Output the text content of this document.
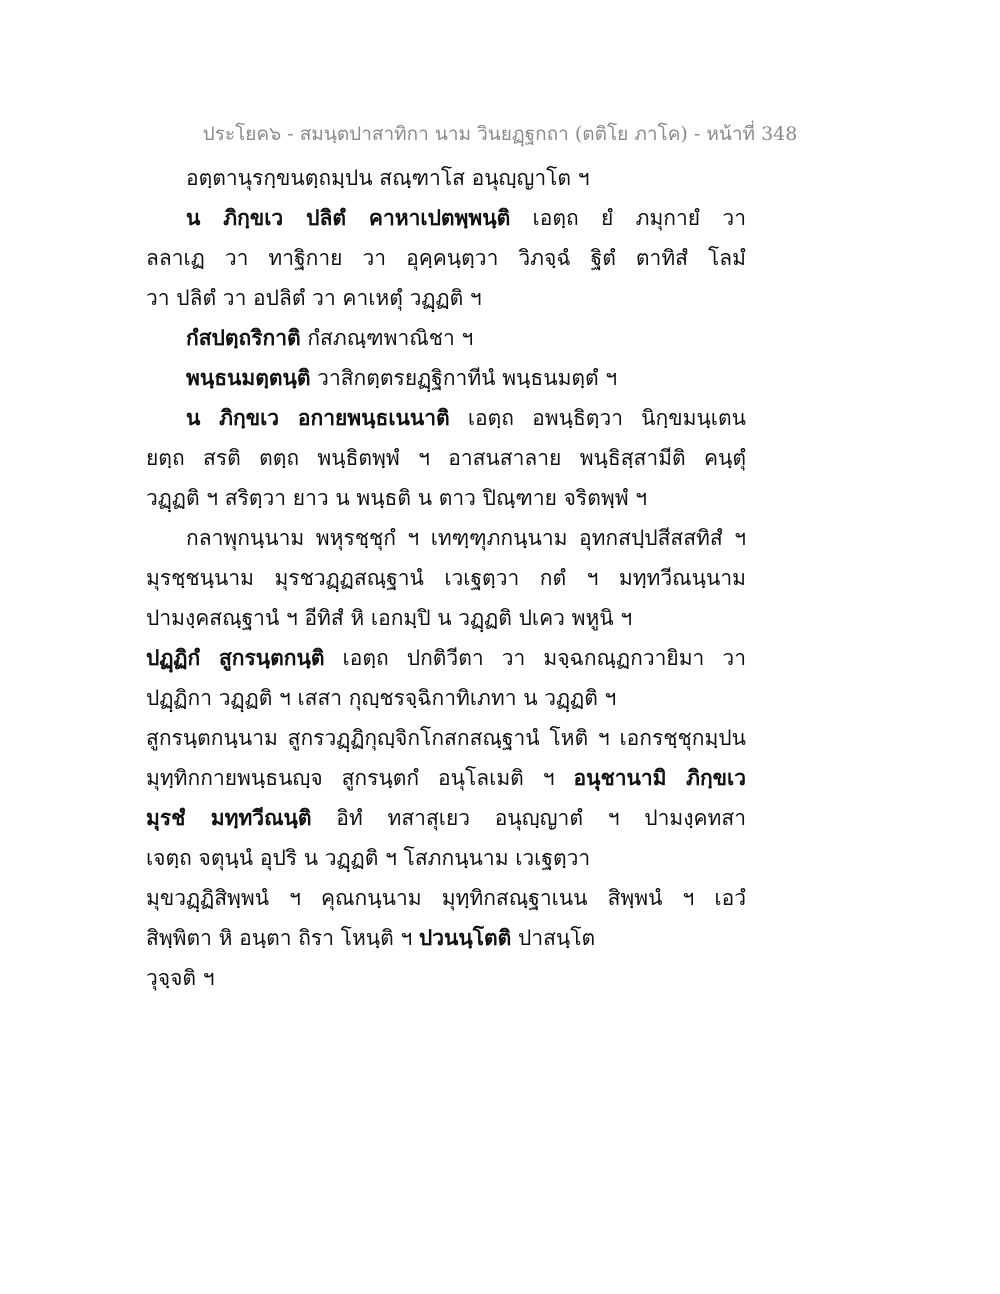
ประโยค๖ - สมนฺตปาสาทิกา นาม วินยฏฺฐกถา (ตติโย ภาโค) - หน้าที่ 348
อตฺตานุรกฺขนตฺถมฺปน สณฺฑาโส อนุญฺญาโต ฯ
น ภิกฺขเว ปลิตํ คาหาเปตพฺพนฺติ เอตฺถ ยํ ภมุกายํ วา
ลลาเฏ วา ทาฐิกาย วา อุคฺคนฺตฺวา วิภจฺฉํ ฐิตํ ตาทิสํ โลมํ
วา ปลิตํ วา อปลิตํ วา คาเหตุํ วฏฺฏติ ฯ
กํสปตฺถริกาติ กํสภณฺฑพาณิชา ฯ
พนฺธนมตฺตนฺติ วาสิกตฺตรยฏฺฐิกาทีนํ พนฺธนมตฺตํ ฯ
น ภิกฺขเว อกายพนฺธเนนาติ เอตฺถ อพนฺธิตฺวา นิกฺขมนฺเตน
ยตฺถ สรติ ตตฺถ พนฺธิตพฺพํ ฯ อาสนสาลาย พนฺธิสฺสามีติ คนฺตุํ
วฏฺฏติ ฯ สริตฺวา ยาว น พนฺธติ น ตาว ปิณฺฑาย จริตพฺพํ ฯ
กลาพุกนฺนาม พหุรชฺชุกํ ฯ เทฑฺฑุภกนฺนาม อุทกสปฺปสีสสทิสํ ฯ
มุรชฺชนฺนาม มุรชวฏฺฏสณฺฐานํ เวเฐตฺวา กตํ ฯ มทฺทวีณนฺนาม
ปามงฺคสณฺฐานํ ฯ อีทิสํ หิ เอกมฺปิ น วฏฺฏติ ปเคว พหูนิ ฯ
ปฏฺฏิกํ สูกรนฺตกนฺติ เอตฺถ ปกติวีตา วา มจฺฉกณฺฏกวายิมา วา
ปฏฺฏิกา วฏฺฏติ ฯ เสสา กุญฺชรจฺฉิกาทิเภทา น วฏฺฏติ ฯ
สูกรนฺตกนฺนาม สูกรวฏฺฏิกุญฺจิกโกสกสณฺฐานํ โหติ ฯ เอกรชฺชุกมฺปน
มุทฺทิกกายพนฺธนญฺจ สูกรนฺตกํ อนุโลเมติ ฯ อนุชานามิ ภิกฺขเว
มุรชํ มทฺทวีณนฺติ อิทํ ทสาสุเยว อนุญฺญาตํ ฯ ปามงฺคทสา
เจตฺถ จตุนฺนํ อุปริ น วฏฺฏติ ฯ โสภกนฺนาม เวเฐตฺวา
มุขวฏฺฏิสิพฺพนํ ฯ คุณกนฺนาม มุทฺทิกสณฺฐาเนน สิพฺพนํ ฯ เอวํ
สิพฺพิตา หิ อนฺตา ถิรา โหนฺติ ฯ ปวนนฺโตติ ปาสนฺโต
วุจฺจติ ฯ
